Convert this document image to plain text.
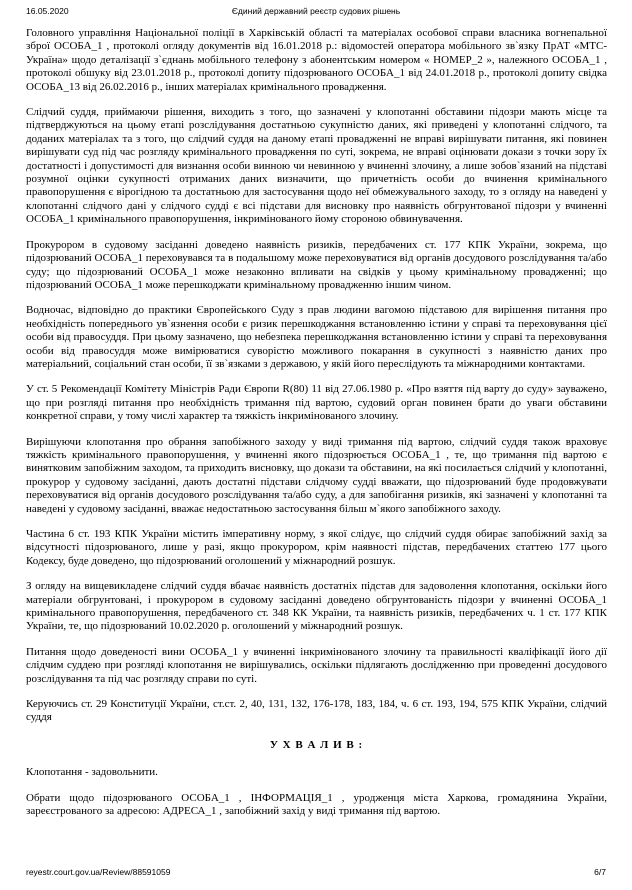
16.05.2020	Єдиний державний реєстр судових рішень

Головного управління Національної поліції в Харківській області та матеріалах особової справи власника вогнепальної зброї ОСОБА_1 , протоколі огляду документів від 16.01.2018 р.: відомостей оператора мобільного зв`язку ПрАТ «МТС-Україна» щодо деталізації з`єднань мобільного телефону з абонентським номером « НОМЕР_2 », належного ОСОБА_1 , протоколі обшуку від 23.01.2018 р., протоколі допиту підозрюваного ОСОБА_1 від 24.01.2018 р., протоколі допиту свідка ОСОБА_13 від 26.02.2016 р., інших матеріалах кримінального провадження.

Слідчий суддя, приймаючи рішення, виходить з того, що зазначені у клопотанні обставини підозри мають місце та підтверджуються на цьому етапі розслідування достатньою сукупністю даних, які приведені у клопотанні слідчого, та доданих матеріалах та з того, що слідчий суддя на даному етапі провадженні не вправі вирішувати питання, які повинен вирішувати суд під час розгляду кримінального провадження по суті, зокрема, не вправі оцінювати докази з точки зору їх достатності і допустимості для визнання особи винною чи невинною у вчиненні злочину, а лише зобов`язаний на підставі розумної оцінки сукупності отриманих даних визначити, що причетність особи до вчинення кримінального правопорушення є вірогідною та достатньою для застосування щодо неї обмежувального заходу, то з огляду на наведені у клопотанні слідчого дані у слідчого судді є всі підстави для висновку про наявність обгрунтованої підозри у вчиненні ОСОБА_1 кримінального правопорушення, інкримінованого йому стороною обвинувачення.

Прокурором в судовому засіданні доведено наявність ризиків, передбачених ст. 177 КПК України, зокрема, що підозрюваний ОСОБА_1 переховувався та в подальшому може переховуватися від органів досудового розслідування та/або суду; що підозрюваний ОСОБА_1 може незаконно впливати на свідків у цьому кримінальному провадженні; що підозрюваний ОСОБА_1 може перешкоджати кримінальному провадженню іншим чином.

Водночас, відповідно до практики Європейського Суду з прав людини вагомою підставою для вирішення питання про необхідність попереднього ув`язнення особи є ризик перешкоджання встановленню істини у справі та переховування цієї особи від правосуддя. При цьому зазначено, що небезпека перешкоджання встановленню істини у справі та переховування особи від правосуддя може вимірюватися суворістю можливого покарання в сукупності з наявністю даних про матеріальний, соціальний стан особи, її зв`язками з державою, у якій його переслідують та міжнародними контактами.

У ст. 5 Рекомендації Комітету Міністрів Ради Європи R(80) 11 від 27.06.1980 р. «Про взяття під варту до суду» зауважено, що при розгляді питання про необхідність тримання під вартою, судовий орган повинен брати до уваги обставини конкретної справи, у тому числі характер та тяжкість інкримінованого злочину.

Вирішуючи клопотання про обрання запобіжного заходу у виді тримання під вартою, слідчий суддя також враховує тяжкість кримінального правопорушення, у вчиненні якого підозрюється ОСОБА_1 , те, що тримання під вартою є винятковим запобіжним заходом, та приходить висновку, що докази та обставини, на які посилається слідчий у клопотанні, прокурор у судовому засіданні, дають достатні підстави слідчому судді вважати, що підозрюваний буде продовжувати переховуватися від органів досудового розслідування та/або суду, а для запобігання ризиків, які зазначені у клопотанні та наведені у судовому засіданні, вважає недостатньою застосування більш м`якого запобіжного заходу.

Частина 6 ст. 193 КПК України містить імперативну норму, з якої слідує, що слідчий суддя обирає запобіжний захід за відсутності підозрюваного, лише у разі, якщо прокурором, крім наявності підстав, передбачених статтею 177 цього Кодексу, буде доведено, що підозрюваний оголошений у міжнародний розшук.

З огляду на вищевикладене слідчий суддя вбачає наявність достатніх підстав для задоволення клопотання, оскільки його матеріали обгрунтовані, і прокурором в судовому засіданні доведено обгрунтованість підозри у вчиненні ОСОБА_1 кримінального правопорушення, передбаченого ст. 348 КК України, та наявність ризиків, передбачених ч. 1 ст. 177 КПК України, те, що підозрюваний 10.02.2020 р. оголошений у міжнародний розшук.

Питання щодо доведеності вини ОСОБА_1 у вчиненні інкримінованого злочину та правильності кваліфікації його дії слідчим суддею при розгляді клопотання не вирішувались, оскільки підлягають дослідженню при проведенні досудового розслідування та під час розгляду справи по суті.

Керуючись ст. 29 Конституції України, ст.ст. 2, 40, 131, 132, 176-178, 183, 184, ч. 6 ст. 193, 194, 575 КПК України, слідчий суддя

У Х В А Л И В :

Клопотання - задовольнити.

Обрати щодо підозрюваного ОСОБА_1 , ІНФОРМАЦІЯ_1 , уродженця міста Харкова, громадянина України, зареєстрованого за адресою: АДРЕСА_1 , запобіжний захід у виді тримання під вартою.

reyestr.court.gov.ua/Review/88591059	6/7
